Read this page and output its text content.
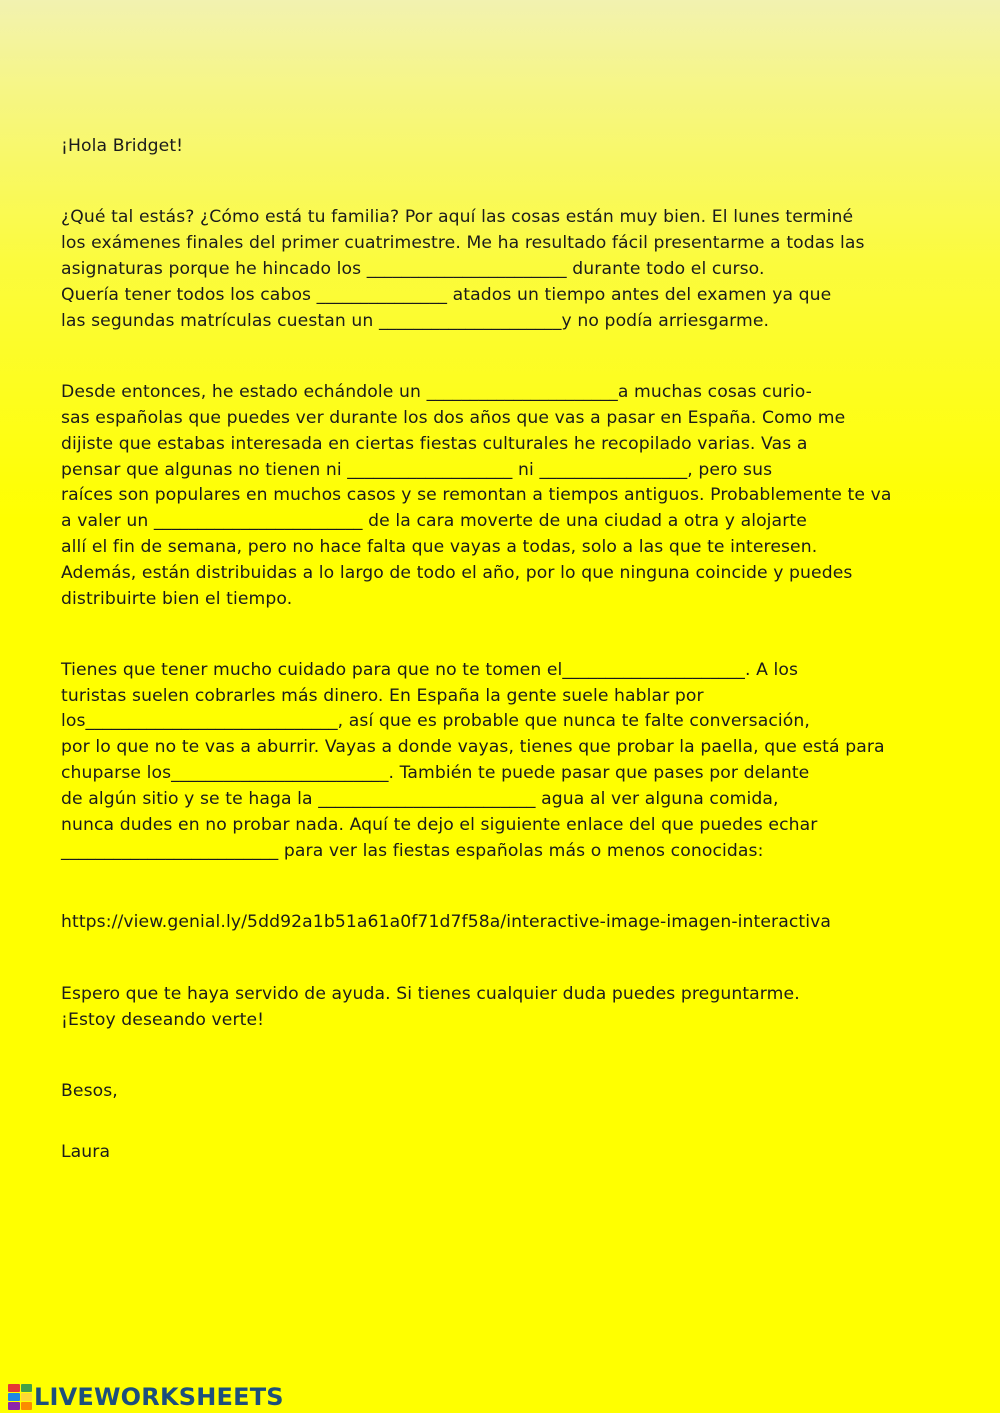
¡Hola Bridget!
¿Qué tal estás? ¿Cómo está tu familia? Por aquí las cosas están muy bien. El lunes terminé
los exámenes finales del primer cuatrimestre. Me ha resultado fácil presentarme a todas las
asignaturas porque he hincado los _______________________ durante todo el curso.
Quería tener todos los cabos _______________ atados un tiempo antes del examen ya que
las segundas matrículas cuestan un _____________________y no podía arriesgarme.
Desde entonces, he estado echándole un ______________________a muchas cosas curio-
sas españolas que puedes ver durante los dos años que vas a pasar en España. Como me
dijiste que estabas interesada en ciertas fiestas culturales he recopilado varias. Vas a
pensar que algunas no tienen ni ___________________ ni _________________, pero sus
raíces son populares en muchos casos y se remontan a tiempos antiguos. Probablemente te va
a valer un ________________________ de la cara moverte de una ciudad a otra y alojarte
allí el fin de semana, pero no hace falta que vayas a todas, solo a las que te interesen.
Además, están distribuidas a lo largo de todo el año, por lo que ninguna coincide y puedes
distribuirte bien el tiempo.
Tienes que tener mucho cuidado para que no te tomen el_____________________. A los
turistas suelen cobrarles más dinero. En España la gente suele hablar por
los_____________________________, así que es probable que nunca te falte conversación,
por lo que no te vas a aburrir. Vayas a donde vayas, tienes que probar la paella, que está para
chuparse los_________________________. También te puede pasar que pases por delante
de algún sitio y se te haga la _________________________ agua al ver alguna comida,
nunca dudes en no probar nada. Aquí te dejo el siguiente enlace del que puedes echar
_________________________ para ver las fiestas españolas más o menos conocidas:
https://view.genial.ly/5dd92a1b51a61a0f71d7f58a/interactive-image-imagen-interactiva
Espero que te haya servido de ayuda. Si tienes cualquier duda puedes preguntarme.
¡Estoy deseando verte!
Besos,
Laura
LIVEWORKSHEETS
